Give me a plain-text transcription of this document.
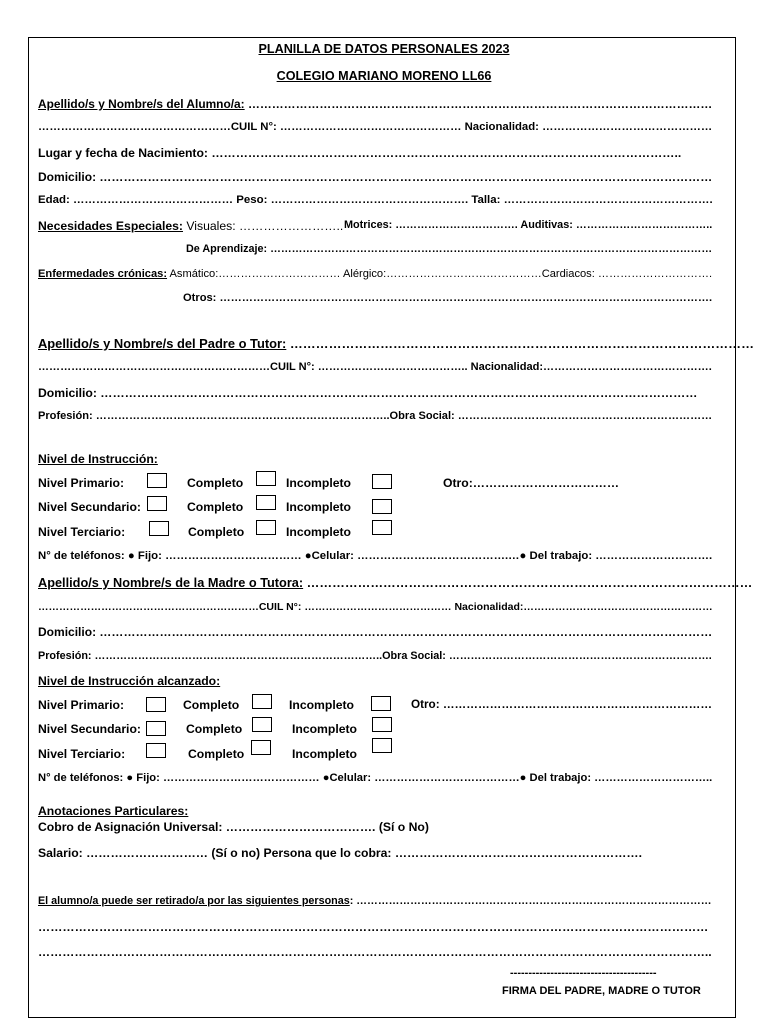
PLANILLA DE DATOS PERSONALES 2023
COLEGIO MARIANO MORENO LL66
Apellido/s y Nombre/s del Alumno/a: ………………………………………………………………………………………………………
……………………………………………CUIL N°: ………………………………………… Nacionalidad: ………………………………………
Lugar y fecha de Nacimiento: ……………………………………………………………………………………………………..
Domicilio: ………………………………………………………………………………………………………………………………………
Edad: …………………………………… Peso: ……………………………………………. Talla: ……………………………………………….
Necesidades Especiales: Visuales: …………………….. Motrices: ……………………………. Auditivas: ………………………………..
De Aprendizaje: ……………………………………………………………………………………………………………
Enfermedades crónicas: Asmático:…………………………… Alérgico:……………………………………Cardiacos: ………………………….
Otros: …………………………………………………………………………………………………………………….
Apellido/s y Nombre/s del Padre o Tutor: ………………………………………………………………………………………………
………………………………………………………CUIL N°: ………………………………….. Nacionalidad:……………………………………….
Domicilio: …………………………………………………………………………………………………………………………………
Profesión: ……………………………………………………………………..Obra Social: ……………………………………………………………
Nivel de Instrucción:
Nivel Primario:	Completo	Incompleto	Otro:………………………………
Nivel Secundario:	Completo	Incompleto
Nivel Terciario:	Completo	Incompleto
N° de teléfonos: ● Fijo: ……………………………… ●Celular: ………………………………….…● Del trabajo: ………………………….
Apellido/s y Nombre/s de la Madre o Tutora: ……………………………………………………………………………………………
………………………………………………………CUIL N°: …………………………………… Nacionalidad:………………………………………………
Domicilio: ………………………………………………………………………………………………………………………………………
Profesión: ……………………………………………………………………..Obra Social: ……………………………………………………………….
Nivel de Instrucción alcanzado:
Nivel Primario:	Completo	Incompleto	Otro: ……………………………………………………………
Nivel Secundario:	Completo	Incompleto
Nivel Terciario:	Completo	Incompleto
N° de teléfonos: ● Fijo: …………………………………… ●Celular: …………………………………● Del trabajo: …………………………..
Anotaciones Particulares:
Cobro de Asignación Universal: ………………………………. (Sí o No)
Salario: ………………………… (Sí o no) Persona que lo cobra: …………………………………………………….
El alumno/a puede ser retirado/a por las siguientes personas: ………………………………………………………………………………………
…………………………………………………………………………………………………………………………………………………
…………………………………………………………………………………………………………………………………………………..
----------------------------------------
FIRMA DEL PADRE, MADRE O TUTOR
